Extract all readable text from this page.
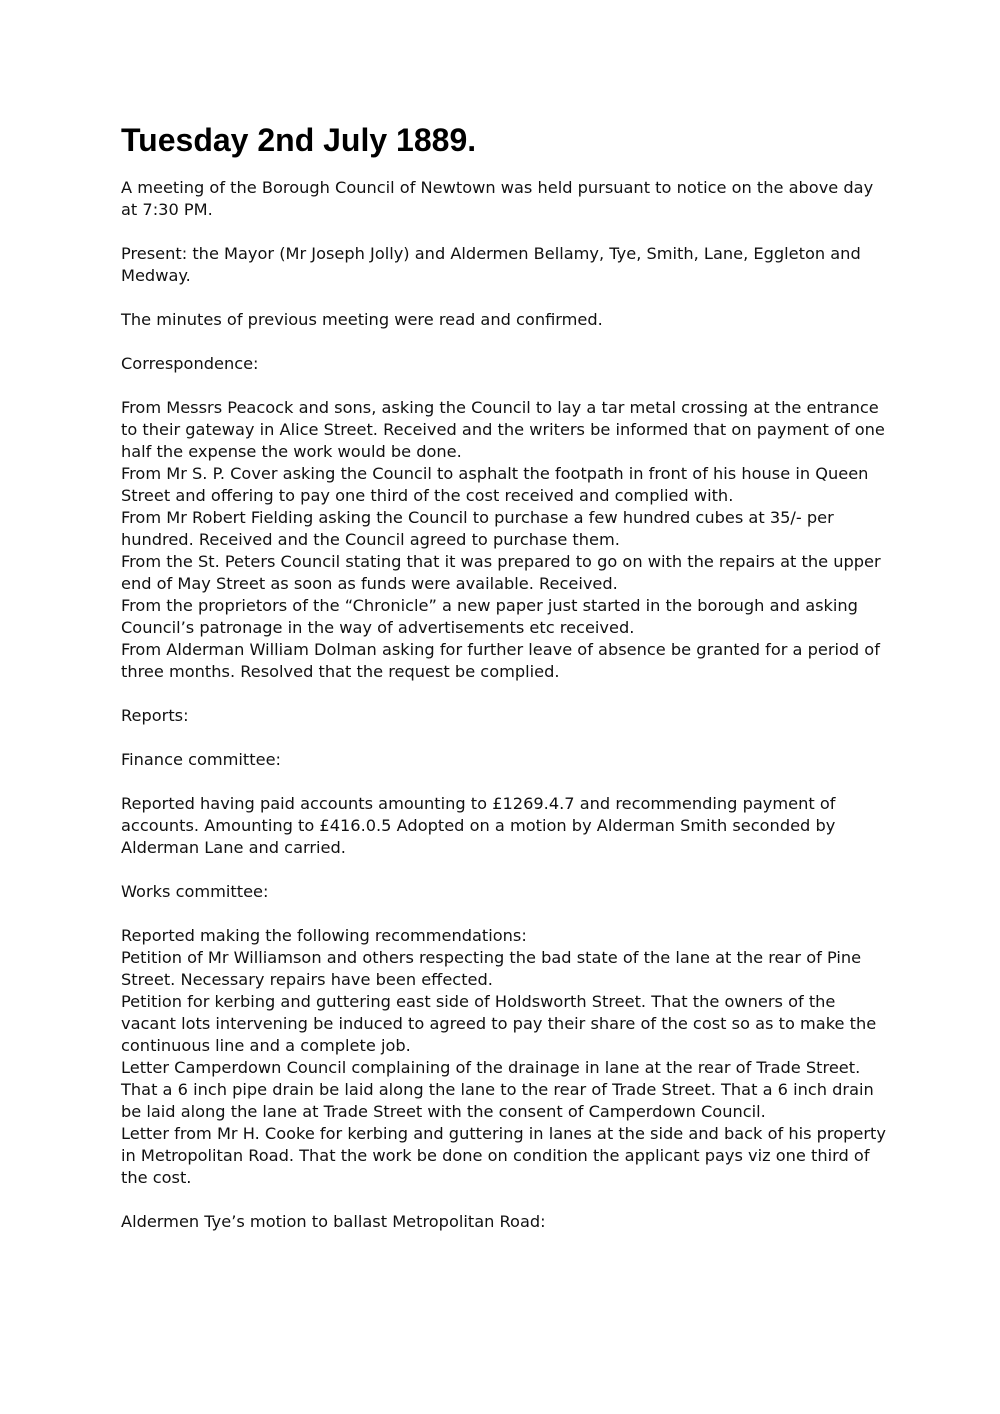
Tuesday 2nd July 1889.

A meeting of the Borough Council of Newtown was held pursuant to notice on the above day at 7:30 PM.

Present: the Mayor (Mr Joseph Jolly) and Aldermen Bellamy, Tye, Smith, Lane, Eggleton and Medway.

The minutes of previous meeting were read and confirmed.

Correspondence:

From Messrs Peacock and sons, asking the Council to lay a tar metal crossing at the entrance to their gateway in Alice Street. Received and the writers be informed that on payment of one half the expense the work would be done.

From Mr S. P. Cover asking the Council to asphalt the footpath in front of his house in Queen Street and offering to pay one third of the cost received and complied with.

From Mr Robert Fielding asking the Council to purchase a few hundred cubes at 35/- per hundred. Received and the Council agreed to purchase them.

From the St. Peters Council stating that it was prepared to go on with the repairs at the upper end of May Street as soon as funds were available. Received.

From the proprietors of the “Chronicle” a new paper just started in the borough and asking Council’s patronage in the way of advertisements etc received.

From Alderman William Dolman asking for further leave of absence be granted for a period of three months. Resolved that the request be complied.

Reports:

Finance committee:

Reported having paid accounts amounting to £1269.4.7 and recommending payment of accounts. Amounting to £416.0.5 Adopted on a motion by Alderman Smith seconded by Alderman Lane and carried.

Works committee:

Reported making the following recommendations:

Petition of Mr Williamson and others respecting the bad state of the lane at the rear of Pine Street. Necessary repairs have been effected.

Petition for kerbing and guttering east side of Holdsworth Street. That the owners of the vacant lots intervening be induced to agreed to pay their share of the cost so as to make the continuous line and a complete job.

Letter Camperdown Council complaining of the drainage in lane at the rear of Trade Street. That a 6 inch pipe drain be laid along the lane to the rear of Trade Street. That a 6 inch drain be laid along the lane at Trade Street with the consent of Camperdown Council.

Letter from Mr H. Cooke for kerbing and guttering in lanes at the side and back of his property in Metropolitan Road. That the work be done on condition the applicant pays viz one third of the cost.

Aldermen Tye’s motion to ballast Metropolitan Road:
